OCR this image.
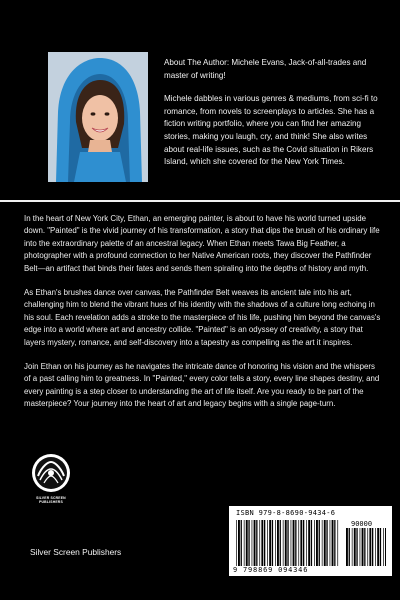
About The Author: Michele Evans, Jack-of-all-trades and master of writing!

Michele dabbles in various genres & mediums, from sci-fi to romance, from novels to screenplays to articles. She has a fiction writing portfolio, where you can find her amazing stories, making you laugh, cry, and think! She also writes about real-life issues, such as the Covid situation in Rikers Island, which she covered for the New York Times.

In the heart of New York City, Ethan, an emerging painter, is about to have his world turned upside down. "Painted" is the vivid journey of his transformation, a story that dips the brush of his ordinary life into the extraordinary palette of an ancestral legacy. When Ethan meets Tawa Big Feather, a photographer with a profound connection to her Native American roots, they discover the Pathfinder Belt—an artifact that binds their fates and sends them spiraling into the depths of history and myth.

As Ethan's brushes dance over canvas, the Pathfinder Belt weaves its ancient tale into his art, challenging him to blend the vibrant hues of his identity with the shadows of a culture long echoing in his soul. Each revelation adds a stroke to the masterpiece of his life, pushing him beyond the canvas's edge into a world where art and ancestry collide. "Painted" is an odyssey of creativity, a story that layers mystery, romance, and self-discovery into a tapestry as compelling as the art it inspires.

Join Ethan on his journey as he navigates the intricate dance of honoring his vision and the whispers of a past calling him to greatness. In "Painted," every color tells a story, every line shapes destiny, and every painting is a step closer to understanding the art of life itself. Are you ready to be part of the masterpiece? Your journey into the heart of art and legacy begins with a single page-turn.

SILVER SCREEN
PUBLISHERS
Silver Screen Publishers
ISBN 979-8-8690-9434-6
90000
9 798869 094346
